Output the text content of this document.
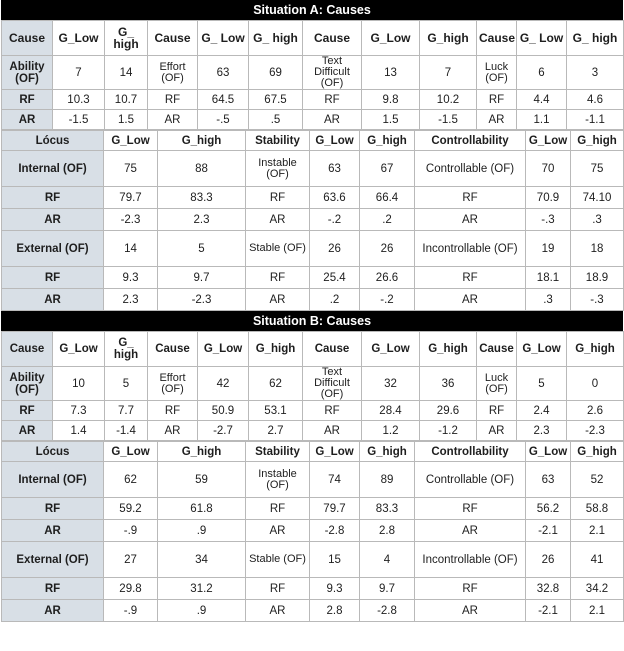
Situation A: Causes
Cause	G_Low	G_ high	Cause	G_ Low	G_ high	Cause	G_Low	G_high	Cause	G_ Low	G_ high
Ability (OF)	7	14	Effort (OF)	63	69	Text Difficult (OF)	13	7	Luck (OF)	6	3
RF	10.3	10.7	RF	64.5	67.5	RF	9.8	10.2	RF	4.4	4.6
AR	-1.5	1.5	AR	-.5	.5	AR	1.5	-1.5	AR	1.1	-1.1
Lócus	G_Low	G_high	Stability	G_Low	G_high	Controllability	G_Low	G_high
Internal (OF)	75	88	Instable (OF)	63	67	Controllable (OF)	70	75
RF	79.7	83.3	RF	63.6	66.4	RF	70.9	74.10
AR	-2.3	2.3	AR	-.2	.2	AR	-.3	.3
External (OF)	14	5	Stable (OF)	26	26	Incontrollable (OF)	19	18
RF	9.3	9.7	RF	25.4	26.6	RF	18.1	18.9
AR	2.3	-2.3	AR	.2	-.2	AR	.3	-.3
Situation B: Causes
Cause	G_Low	G_ high	Cause	G_Low	G_high	Cause	G_Low	G_high	Cause	G_Low	G_high
Ability (OF)	10	5	Effort (OF)	42	62	Text Difficult (OF)	32	36	Luck (OF)	5	0
RF	7.3	7.7	RF	50.9	53.1	RF	28.4	29.6	RF	2.4	2.6
AR	1.4	-1.4	AR	-2.7	2.7	AR	1.2	-1.2	AR	2.3	-2.3
Lócus	G_Low	G_high	Stability	G_Low	G_high	Controllability	G_Low	G_high
Internal (OF)	62	59	Instable (OF)	74	89	Controllable (OF)	63	52
RF	59.2	61.8	RF	79.7	83.3	RF	56.2	58.8
AR	-.9	.9	AR	-2.8	2.8	AR	-2.1	2.1
External (OF)	27	34	Stable (OF)	15	4	Incontrollable (OF)	26	41
RF	29.8	31.2	RF	9.3	9.7	RF	32.8	34.2
AR	-.9	.9	AR	2.8	-2.8	AR	-2.1	2.1
